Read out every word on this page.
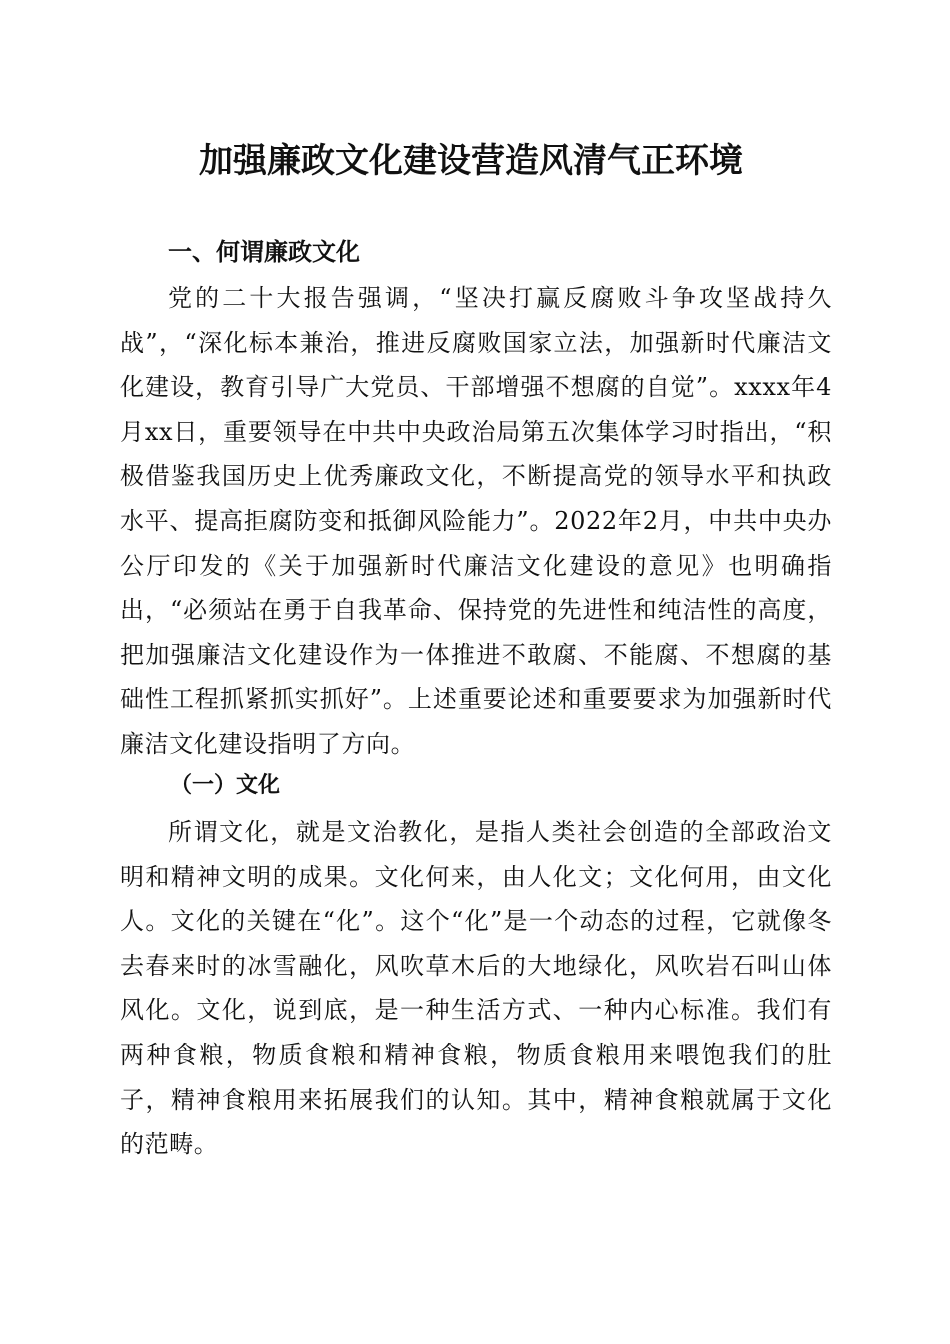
加强廉政文化建设营造风清气正环境
一、何谓廉政文化

党的二十大报告强调，“坚决打赢反腐败斗争攻坚战持久战”，“深化标本兼治，推进反腐败国家立法，加强新时代廉洁文化建设，教育引导广大党员、干部增强不想腐的自觉”。xxxx年4月xx日，重要领导在中共中央政治局第五次集体学习时指出，“积极借鉴我国历史上优秀廉政文化，不断提高党的领导水平和执政水平、提高拒腐防变和抵御风险能力”。2022年2月，中共中央办公厅印发的《关于加强新时代廉洁文化建设的意见》也明确指出，“必须站在勇于自我革命、保持党的先进性和纯洁性的高度，把加强廉洁文化建设作为一体推进不敢腐、不能腐、不想腐的基础性工程抓紧抓实抓好”。上述重要论述和重要要求为加强新时代廉洁文化建设指明了方向。

（一）文化

所谓文化，就是文治教化，是指人类社会创造的全部政治文明和精神文明的成果。文化何来，由人化文；文化何用，由文化人。文化的关键在“化”。这个“化”是一个动态的过程，它就像冬去春来时的冰雪融化，风吹草木后的大地绿化，风吹岩石叫山体风化。文化，说到底，是一种生活方式、一种内心标准。我们有两种食粮，物质食粮和精神食粮，物质食粮用来喂饱我们的肚子，精神食粮用来拓展我们的认知。其中，精神食粮就属于文化的范畴。
